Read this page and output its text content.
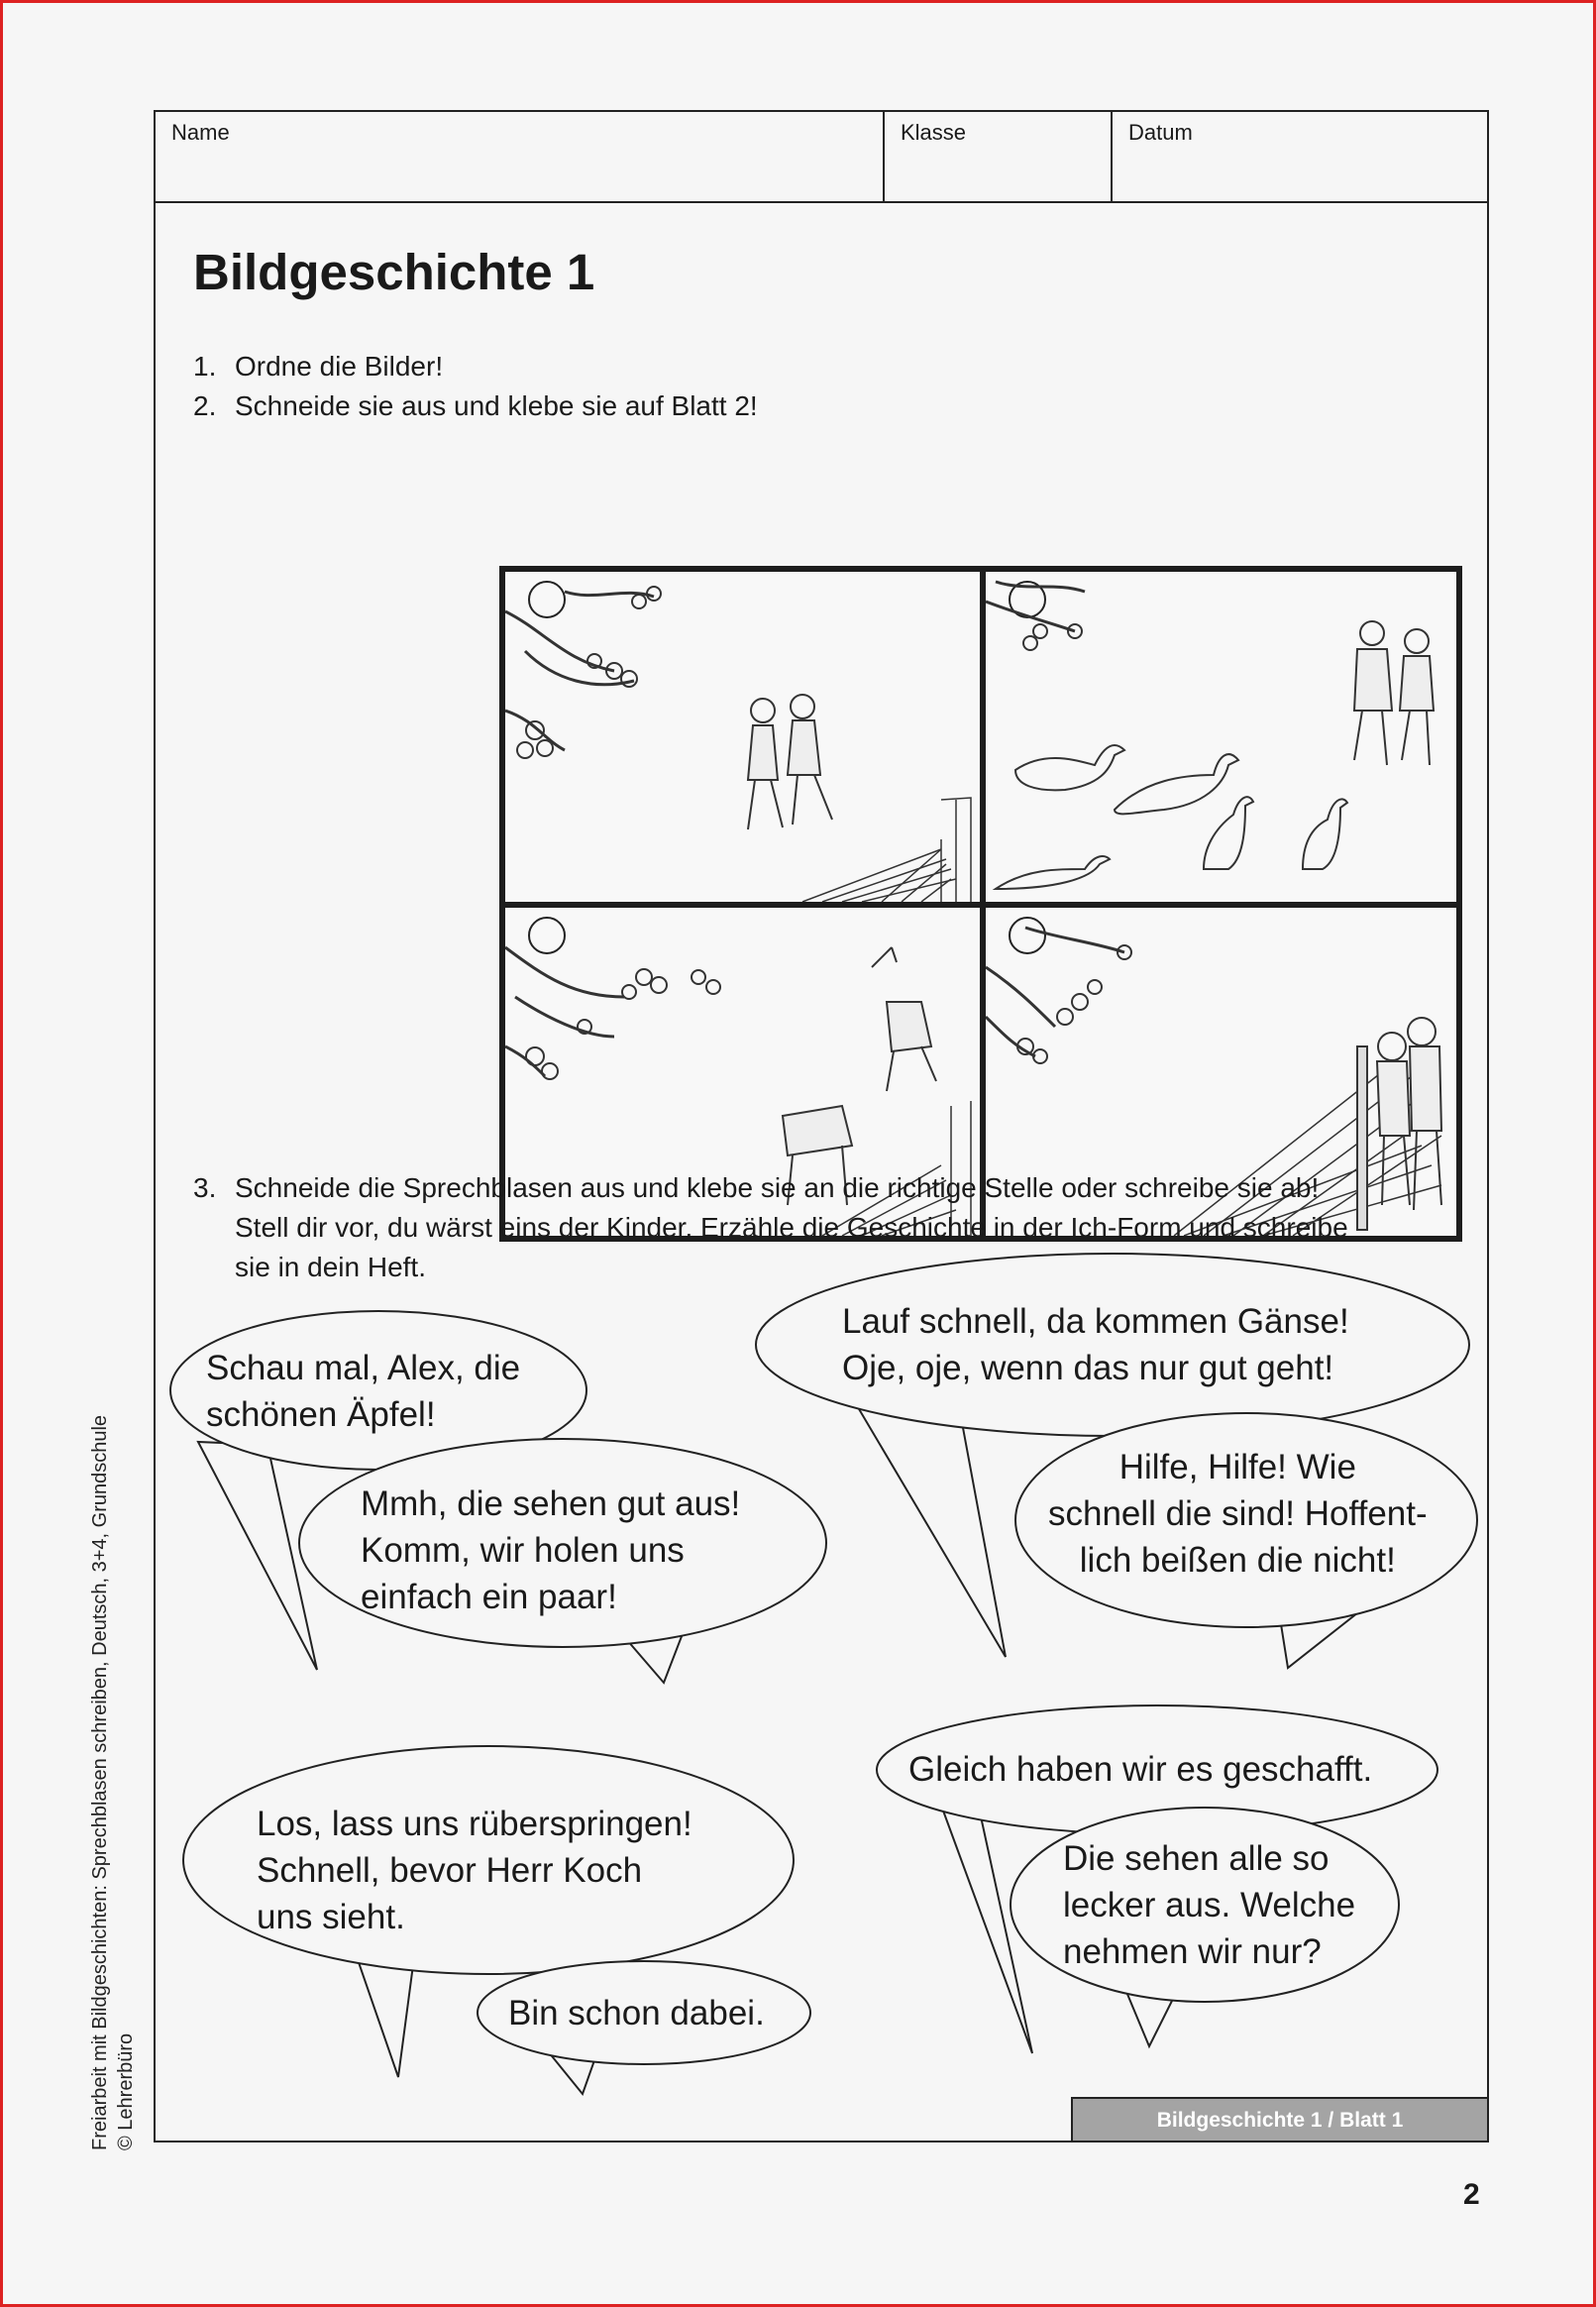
Name	Klasse	Datum
Bildgeschichte 1
1. Ordne die Bilder!
2. Schneide sie aus und klebe sie auf Blatt 2!
3. Schneide die Sprechblasen aus und klebe sie an die richtige Stelle oder schreibe sie ab!
Stell dir vor, du wärst eins der Kinder. Erzähle die Geschichte in der Ich-Form und schreibe
sie in dein Heft.
Bildgeschichte 1 / Blatt 1
Schau mal, Alex, die
schönen Äpfel!
Mmh, die sehen gut aus!
Komm, wir holen uns
einfach ein paar!
Lauf schnell, da kommen Gänse!
Oje, oje, wenn das nur gut geht!
Hilfe, Hilfe! Wie
schnell die sind! Hoffent-
lich beißen die nicht!
Los, lass uns rüberspringen!
Schnell, bevor Herr Koch
uns sieht.
Bin schon dabei.
Gleich haben wir es geschafft.
Die sehen alle so
lecker aus. Welche
nehmen wir nur?
Freiarbeit mit Bildgeschichten: Sprechblasen schreiben, Deutsch, 3+4, Grundschule © Lehrerbüro
2
